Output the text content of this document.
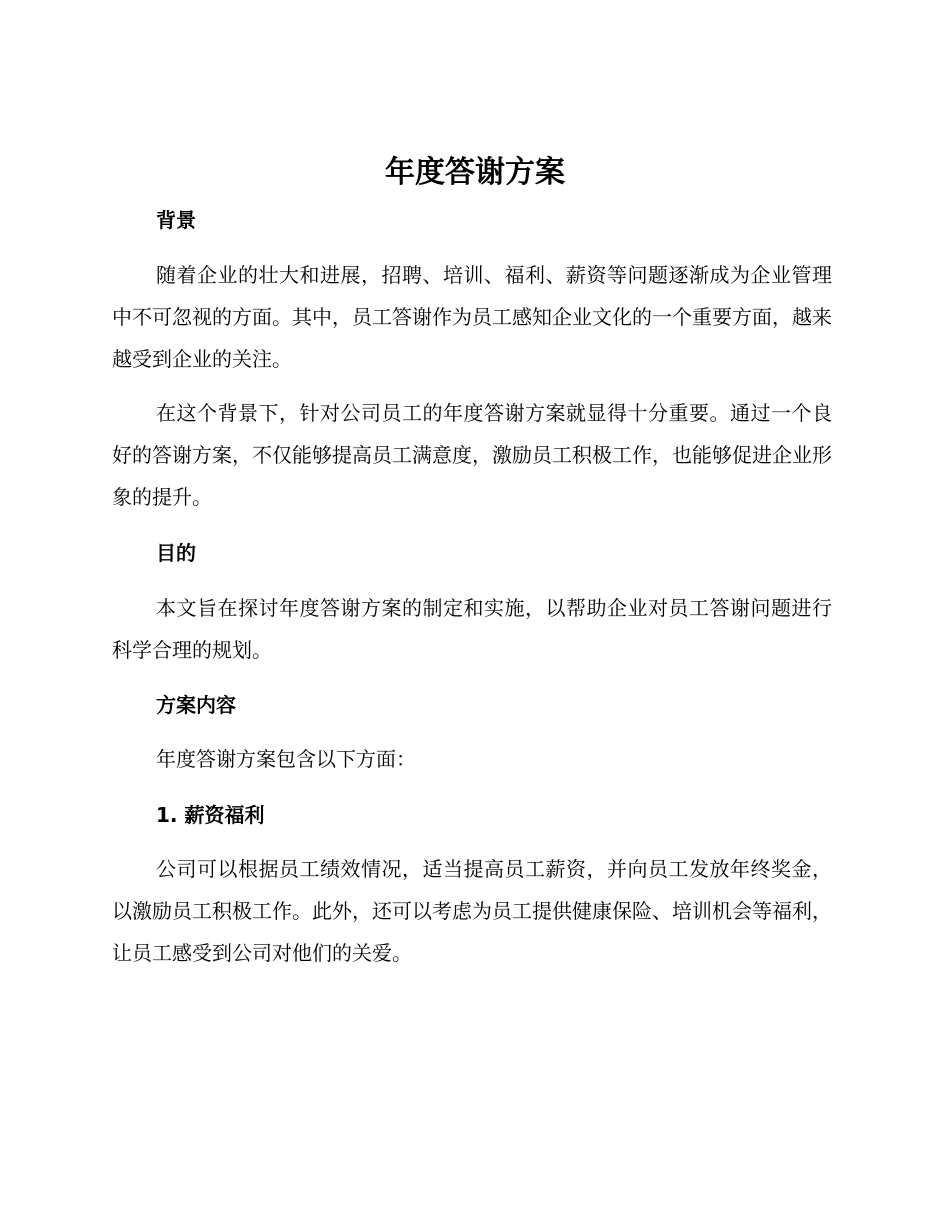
年度答谢方案
背景

随着企业的壮大和进展，招聘、培训、福利、薪资等问题逐渐成为企业管理中不可忽视的方面。其中，员工答谢作为员工感知企业文化的一个重要方面，越来越受到企业的关注。

在这个背景下，针对公司员工的年度答谢方案就显得十分重要。通过一个良好的答谢方案，不仅能够提高员工满意度，激励员工积极工作，也能够促进企业形象的提升。

目的

本文旨在探讨年度答谢方案的制定和实施，以帮助企业对员工答谢问题进行科学合理的规划。

方案内容

年度答谢方案包含以下方面：

1. 薪资福利

公司可以根据员工绩效情况，适当提高员工薪资，并向员工发放年终奖金，以激励员工积极工作。此外，还可以考虑为员工提供健康保险、培训机会等福利，让员工感受到公司对他们的关爱。
